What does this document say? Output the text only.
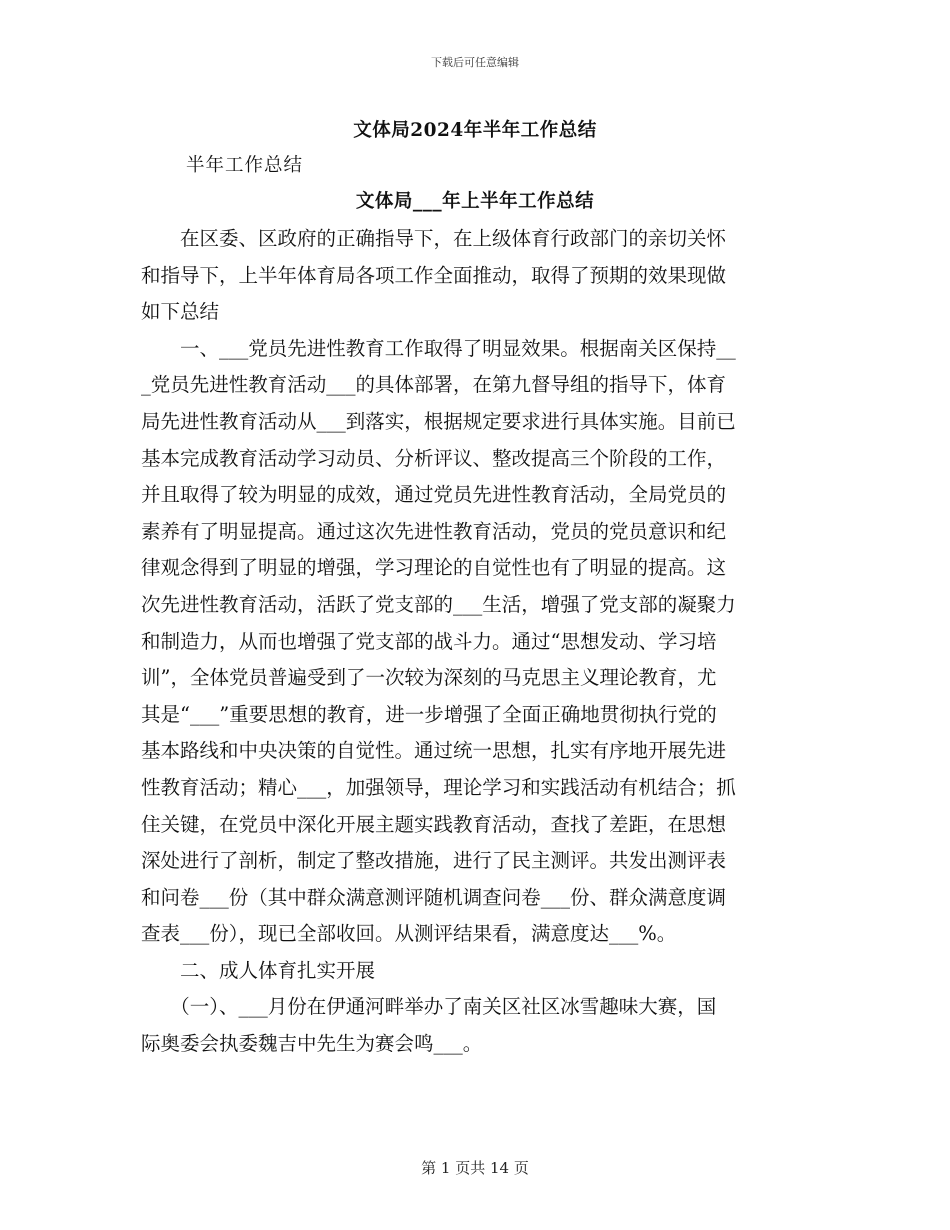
下载后可任意编辑
文体局2024年半年工作总结
半年工作总结
文体局___年上半年工作总结
　　在区委、区政府的正确指导下，在上级体育行政部门的亲切关怀
和指导下，上半年体育局各项工作全面推动，取得了预期的效果现做
如下总结
　　一、___党员先进性教育工作取得了明显效果。根据南关区保持__
_党员先进性教育活动___的具体部署，在第九督导组的指导下，体育
局先进性教育活动从___到落实，根据规定要求进行具体实施。目前已
基本完成教育活动学习动员、分析评议、整改提高三个阶段的工作，
并且取得了较为明显的成效，通过党员先进性教育活动，全局党员的
素养有了明显提高。通过这次先进性教育活动，党员的党员意识和纪
律观念得到了明显的增强，学习理论的自觉性也有了明显的提高。这
次先进性教育活动，活跃了党支部的___生活，增强了党支部的凝聚力
和制造力，从而也增强了党支部的战斗力。通过“思想发动、学习培
训”，全体党员普遍受到了一次较为深刻的马克思主义理论教育，尤
其是“___”重要思想的教育，进一步增强了全面正确地贯彻执行党的
基本路线和中央决策的自觉性。通过统一思想，扎实有序地开展先进
性教育活动；精心___，加强领导，理论学习和实践活动有机结合；抓
住关键，在党员中深化开展主题实践教育活动，查找了差距，在思想
深处进行了剖析，制定了整改措施，进行了民主测评。共发出测评表
和问卷___份（其中群众满意测评随机调查问卷___份、群众满意度调
查表___份），现已全部收回。从测评结果看，满意度达___%。
　　二、成人体育扎实开展
　　（一）、___月份在伊通河畔举办了南关区社区冰雪趣味大赛，国
际奥委会执委魏吉中先生为赛会鸣___。
第 1 页共 14 页
